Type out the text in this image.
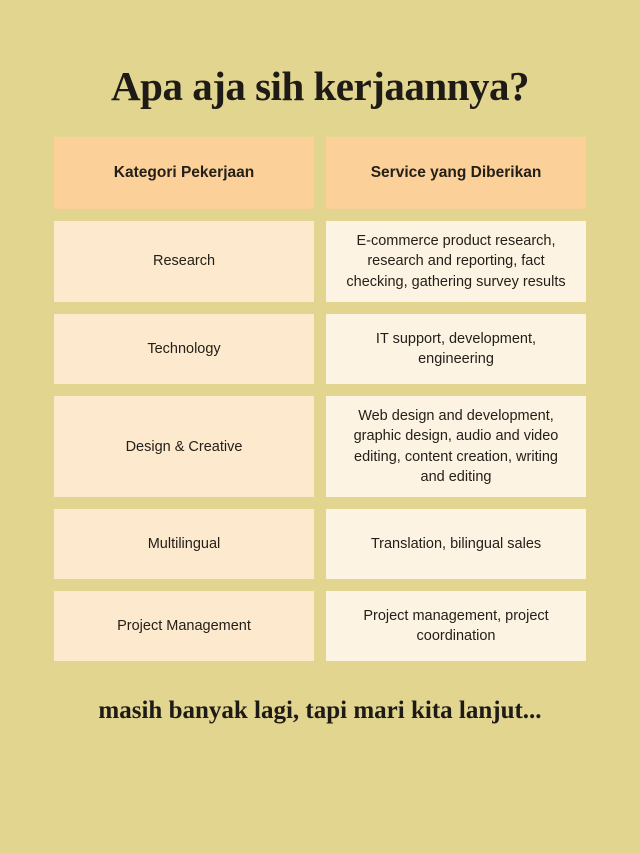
Apa aja sih kerjaannya?
Kategori Pekerjaan	Service yang Diberikan
Research
E-commerce product research, research and reporting, fact checking, gathering survey results
Technology
IT support, development, engineering
Design & Creative
Web design and development, graphic design, audio and video editing, content creation, writing and editing
Multilingual	Translation, bilingual sales
Project Management
Project management, project coordination
masih banyak lagi, tapi mari kita lanjut...
